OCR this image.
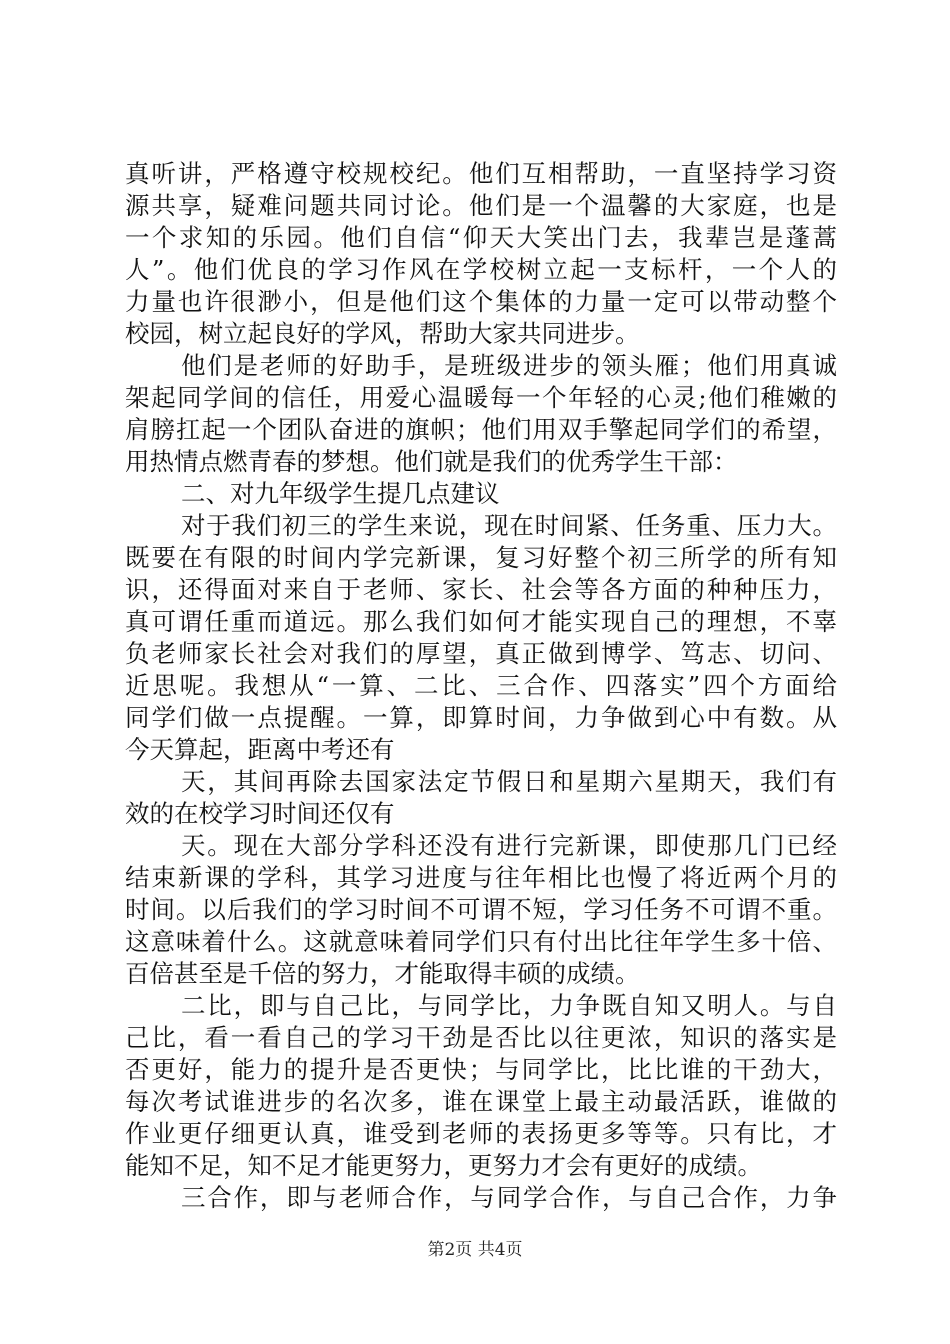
真听讲，严格遵守校规校纪。他们互相帮助，一直坚持学习资
源共享，疑难问题共同讨论。他们是一个温馨的大家庭，也是
一个求知的乐园。他们自信“仰天大笑出门去，我辈岂是蓬蒿
人”。他们优良的学习作风在学校树立起一支标杆，一个人的
力量也许很渺小，但是他们这个集体的力量一定可以带动整个
校园，树立起良好的学风，帮助大家共同进步。
他们是老师的好助手，是班级进步的领头雁；他们用真诚
架起同学间的信任，用爱心温暖每一个年轻的心灵;他们稚嫩的
肩膀扛起一个团队奋进的旗帜；他们用双手擎起同学们的希望，
用热情点燃青春的梦想。他们就是我们的优秀学生干部：
二、对九年级学生提几点建议
对于我们初三的学生来说，现在时间紧、任务重、压力大。
既要在有限的时间内学完新课，复习好整个初三所学的所有知
识，还得面对来自于老师、家长、社会等各方面的种种压力，
真可谓任重而道远。那么我们如何才能实现自己的理想，不辜
负老师家长社会对我们的厚望，真正做到博学、笃志、切问、
近思呢。我想从“一算、二比、三合作、四落实”四个方面给
同学们做一点提醒。一算，即算时间，力争做到心中有数。从
今天算起，距离中考还有
天，其间再除去国家法定节假日和星期六星期天，我们有
效的在校学习时间还仅有
天。现在大部分学科还没有进行完新课，即使那几门已经
结束新课的学科，其学习进度与往年相比也慢了将近两个月的
时间。以后我们的学习时间不可谓不短，学习任务不可谓不重。
这意味着什么。这就意味着同学们只有付出比往年学生多十倍、
百倍甚至是千倍的努力，才能取得丰硕的成绩。
二比，即与自己比，与同学比，力争既自知又明人。与自
己比，看一看自己的学习干劲是否比以往更浓，知识的落实是
否更好，能力的提升是否更快；与同学比，比比谁的干劲大，
每次考试谁进步的名次多，谁在课堂上最主动最活跃，谁做的
作业更仔细更认真，谁受到老师的表扬更多等等。只有比，才
能知不足，知不足才能更努力，更努力才会有更好的成绩。
三合作，即与老师合作，与同学合作，与自己合作，力争
第2页 共4页
